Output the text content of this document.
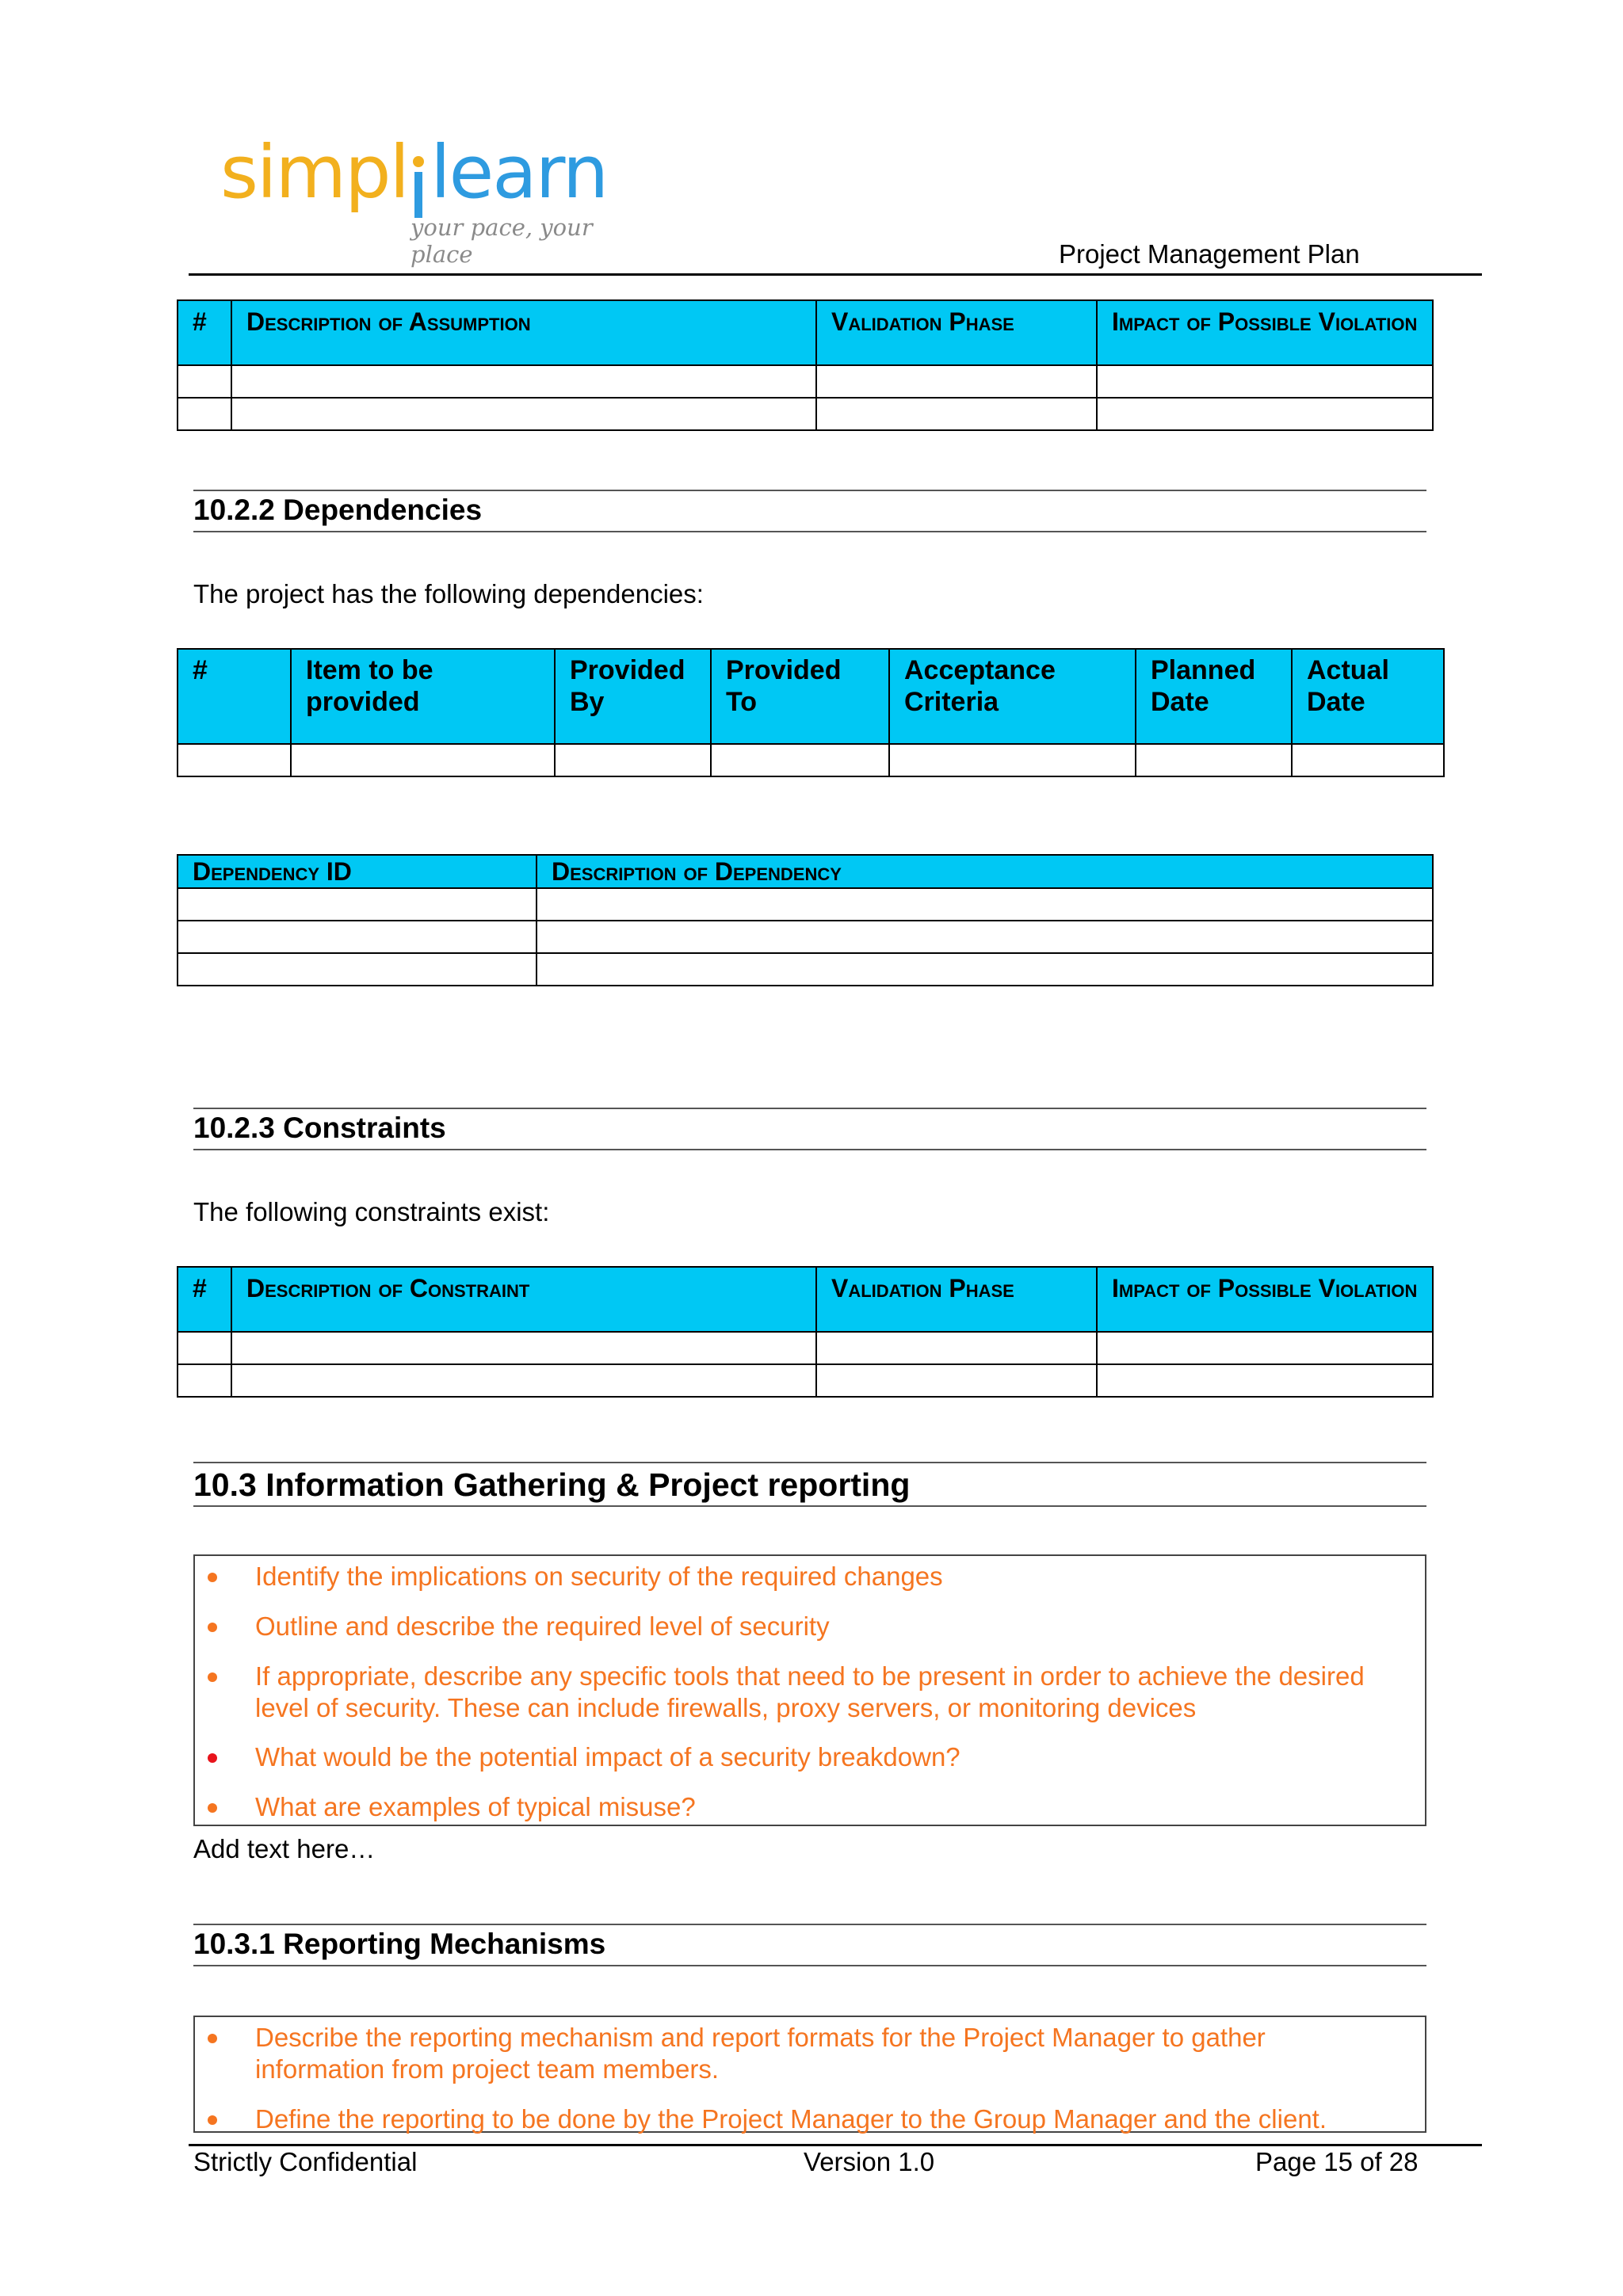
simpl learn
your pace, your place	Project Management Plan
#	Description of Assumption	Validation Phase	Impact of Possible Violation

10.2.2 Dependencies
The project has the following dependencies:
#	Item to be provided	Provided By	Provided To	Acceptance Criteria	Planned Date	Actual Date

Dependency ID	Description of Dependency

10.2.3 Constraints
The following constraints exist:
#	Description of Constraint	Validation Phase	Impact of Possible Violation

10.3 Information Gathering & Project reporting
Identify the implications on security of the required changes
Outline and describe the required level of security
If appropriate, describe any specific tools that need to be present in order to achieve the desired
level of security. These can include firewalls, proxy servers, or monitoring devices
What would be the potential impact of a security breakdown?
What are examples of typical misuse?
Add text here…
10.3.1 Reporting Mechanisms
Describe the reporting mechanism and report formats for the Project Manager to gather
information from project team members.
Define the reporting to be done by the Project Manager to the Group Manager and the client.
Strictly Confidential	Version 1.0	Page 15 of 28
